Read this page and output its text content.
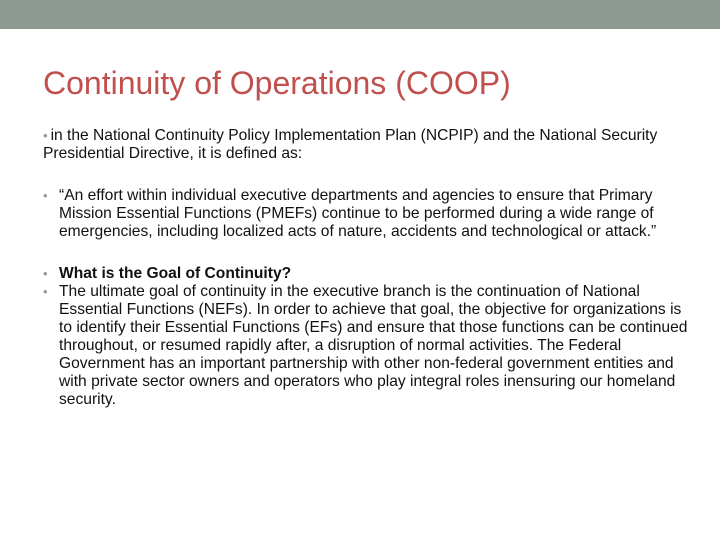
Continuity of Operations (COOP)

• in the National Continuity Policy Implementation Plan (NCPIP) and the National Security Presidential Directive, it is defined as:

• “An effort within individual executive departments and agencies to ensure that Primary Mission Essential Functions (PMEFs) continue to be performed during a wide range of emergencies, including localized acts of nature, accidents and technological or attack.”

• What is the Goal of Continuity?

• The ultimate goal of continuity in the executive branch is the continuation of National Essential Functions (NEFs). In order to achieve that goal, the objective for organizations is to identify their Essential Functions (EFs) and ensure that those functions can be continued throughout, or resumed rapidly after, a disruption of normal activities. The Federal Government has an important partnership with other non-federal government entities and with private sector owners and operators who play integral roles inensuring our homeland security.
